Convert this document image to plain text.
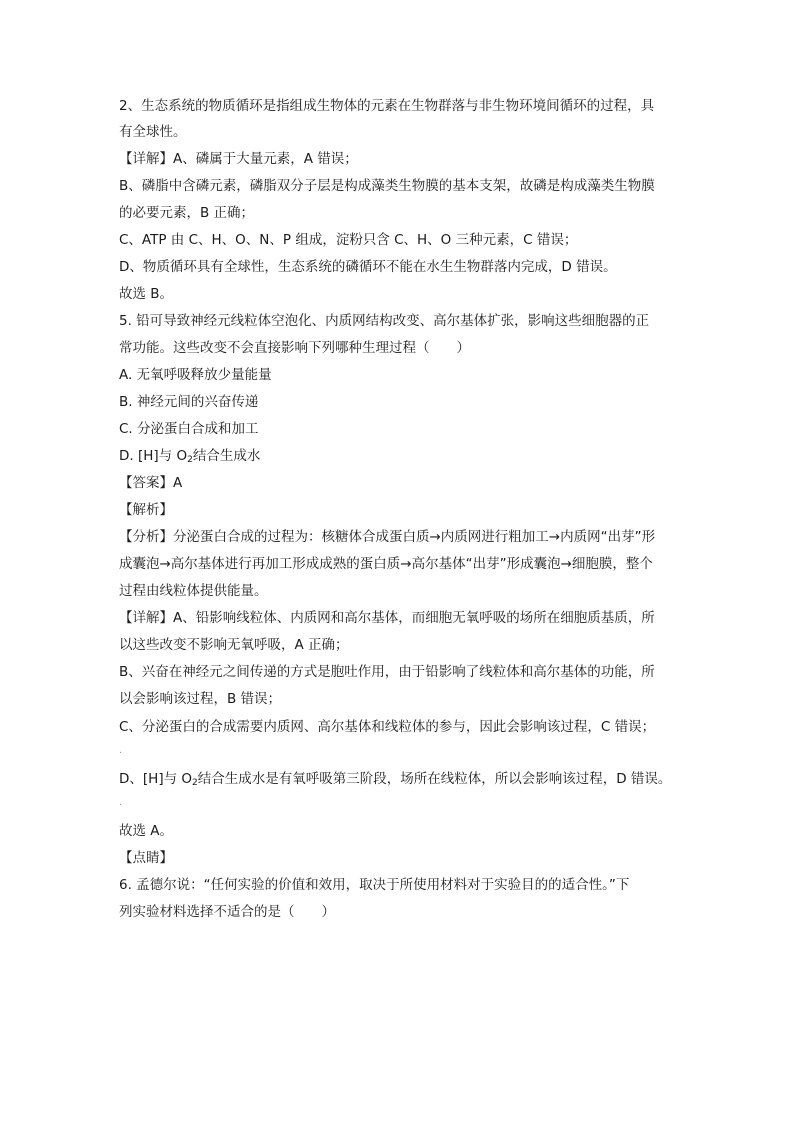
2、生态系统的物质循环是指组成生物体的元素在生物群落与非生物环境间循环的过程，具
有全球性。
【详解】A、磷属于大量元素，A 错误；
B、磷脂中含磷元素，磷脂双分子层是构成藻类生物膜的基本支架，故磷是构成藻类生物膜
的必要元素，B 正确；
C、ATP 由 C、H、O、N、P 组成，淀粉只含 C、H、O 三种元素，C 错误；
D、物质循环具有全球性，生态系统的磷循环不能在水生生物群落内完成，D 错误。
故选 B。
5. 铅可导致神经元线粒体空泡化、内质网结构改变、高尔基体扩张，影响这些细胞器的正
常功能。这些改变不会直接影响下列哪种生理过程（　　）
A. 无氧呼吸释放少量能量
B. 神经元间的兴奋传递
C. 分泌蛋白合成和加工
D. [H]与 $O_2$结合生成水
【答案】A
【解析】
【分析】分泌蛋白合成的过程为：核糖体合成蛋白质→内质网进行粗加工→内质网“出芽”形
成囊泡→高尔基体进行再加工形成成熟的蛋白质→高尔基体“出芽”形成囊泡→细胞膜，整个
过程由线粒体提供能量。
【详解】A、铅影响线粒体、内质网和高尔基体，而细胞无氧呼吸的场所在细胞质基质，所
以这些改变不影响无氧呼吸，A 正确；
B、兴奋在神经元之间传递的方式是胞吐作用，由于铅影响了线粒体和高尔基体的功能，所
以会影响该过程，B 错误；
C、分泌蛋白的合成需要内质网、高尔基体和线粒体的参与，因此会影响该过程，C 错误；
D、[H]与 $O_2$结合生成水是有氧呼吸第三阶段，场所在线粒体，所以会影响该过程，D 错误。
故选 A。
【点睛】
6. 孟德尔说：“任何实验的价值和效用，取决于所使用材料对于实验目的的适合性。”下
列实验材料选择不适合的是（　　）
·
·
